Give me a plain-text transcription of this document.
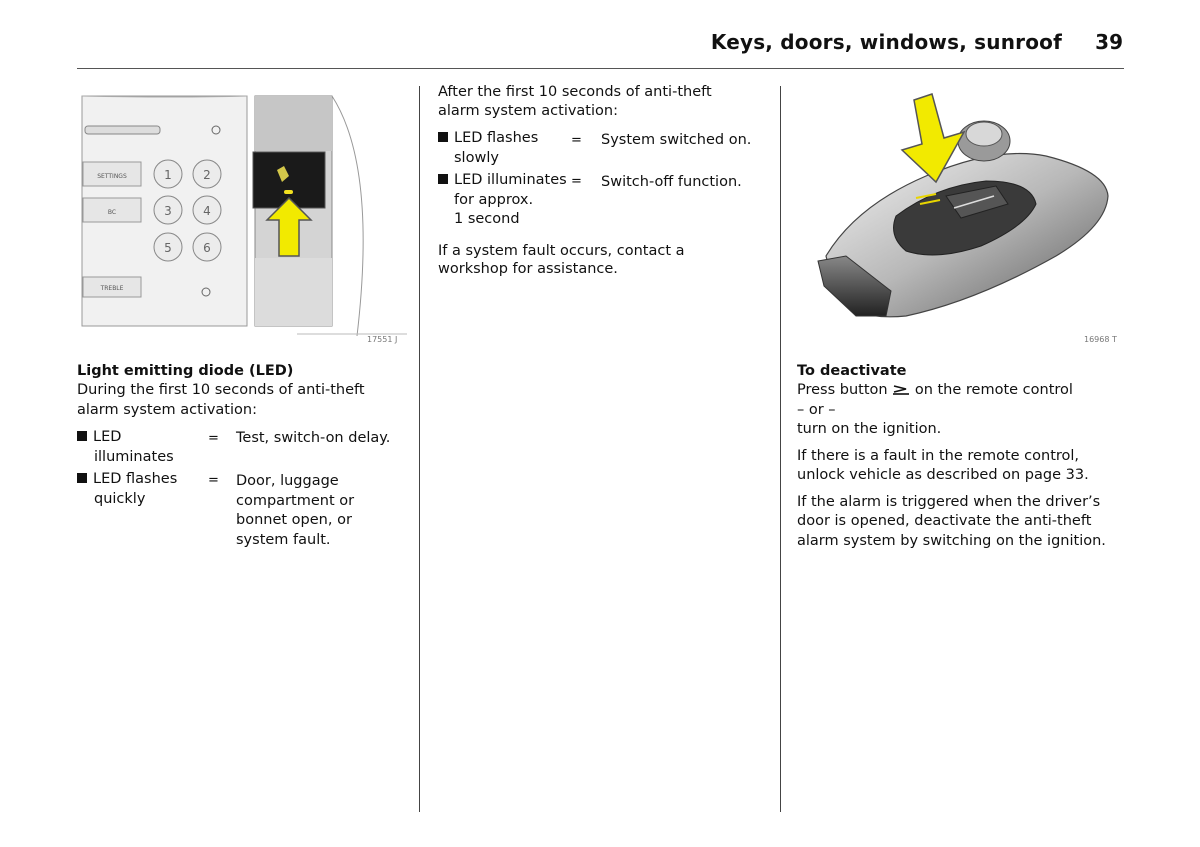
Keys, doors, windows, sunroof 39
SETTINGS
BC
TREBLE
1	2
3	4
5	6
17551 J
Light emitting diode (LED)
During the first 10 seconds of anti-theft
alarm system activation:
LED
illuminates
= Test, switch-on delay.
LED flashes
quickly
= Door, luggage
compartment or
bonnet open, or
system fault.
After the first 10 seconds of anti-theft
alarm system activation:
LED flashes
slowly
= System switched on.
LED illuminates
for approx.
1 second
= Switch-off function.
If a system fault occurs, contact a
workshop for assistance.
16968 T
To deactivate
Press button on the remote control
– or –
turn on the ignition.
If there is a fault in the remote control,
unlock vehicle as described on page 33.
If the alarm is triggered when the driver’s
door is opened, deactivate the anti-theft
alarm system by switching on the ignition.
